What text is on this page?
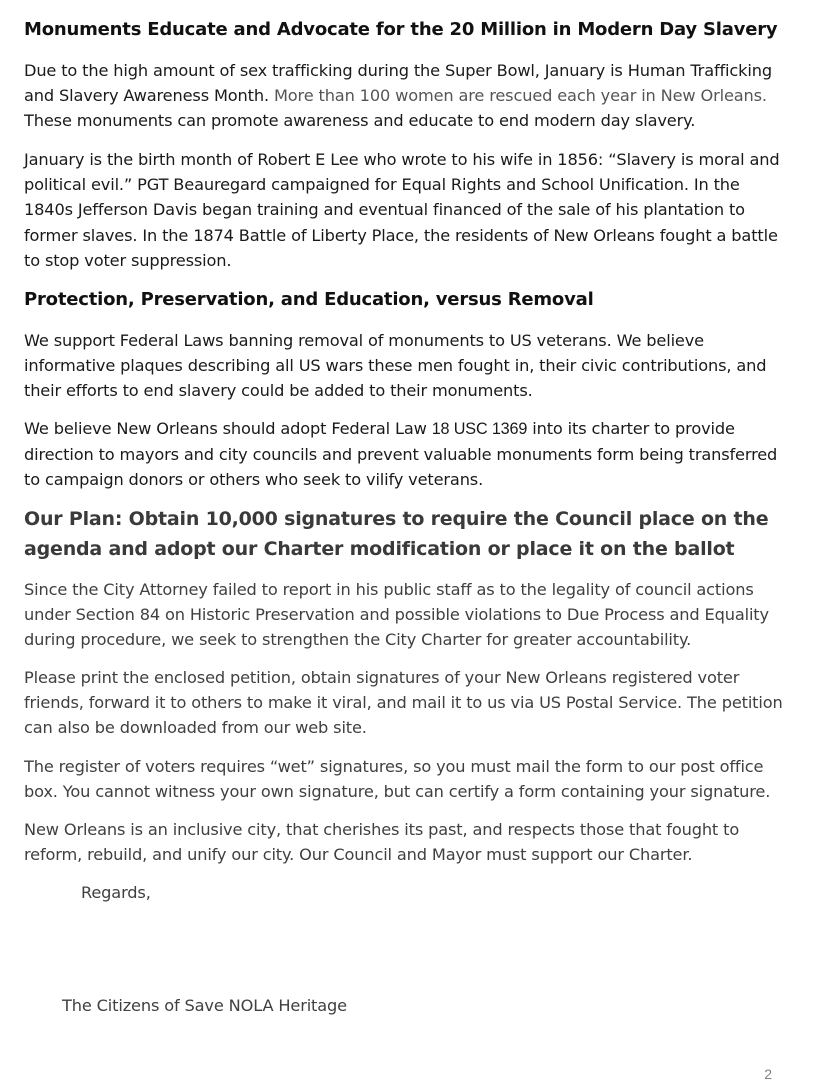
Monuments Educate and Advocate for the 20 Million in Modern Day Slavery

Due to the high amount of sex trafficking during the Super Bowl, January is Human Trafficking and Slavery Awareness Month. More than 100 women are rescued each year in New Orleans. These monuments can promote awareness and educate to end modern day slavery.

January is the birth month of Robert E Lee who wrote to his wife in 1856: “Slavery is moral and political evil.” PGT Beauregard campaigned for Equal Rights and School Unification. In the 1840s Jefferson Davis began training and eventual financed of the sale of his plantation to former slaves. In the 1874 Battle of Liberty Place, the residents of New Orleans fought a battle to stop voter suppression.

Protection, Preservation, and Education, versus Removal

We support Federal Laws banning removal of monuments to US veterans. We believe informative plaques describing all US wars these men fought in, their civic contributions, and their efforts to end slavery could be added to their monuments.

We believe New Orleans should adopt Federal Law 18 USC 1369 into its charter to provide direction to mayors and city councils and prevent valuable monuments form being transferred to campaign donors or others who seek to vilify veterans.

Our Plan: Obtain 10,000 signatures to require the Council place on the agenda and adopt our Charter modification or place it on the ballot

Since the City Attorney failed to report in his public staff as to the legality of council actions under Section 84 on Historic Preservation and possible violations to Due Process and Equality during procedure, we seek to strengthen the City Charter for greater accountability.

Please print the enclosed petition, obtain signatures of your New Orleans registered voter friends, forward it to others to make it viral, and mail it to us via US Postal Service. The petition can also be downloaded from our web site.

The register of voters requires “wet” signatures, so you must mail the form to our post office box. You cannot witness your own signature, but can certify a form containing your signature.

New Orleans is an inclusive city, that cherishes its past, and respects those that fought to reform, rebuild, and unify our city. Our Council and Mayor must support our Charter.

Regards,

The Citizens of Save NOLA Heritage

2
